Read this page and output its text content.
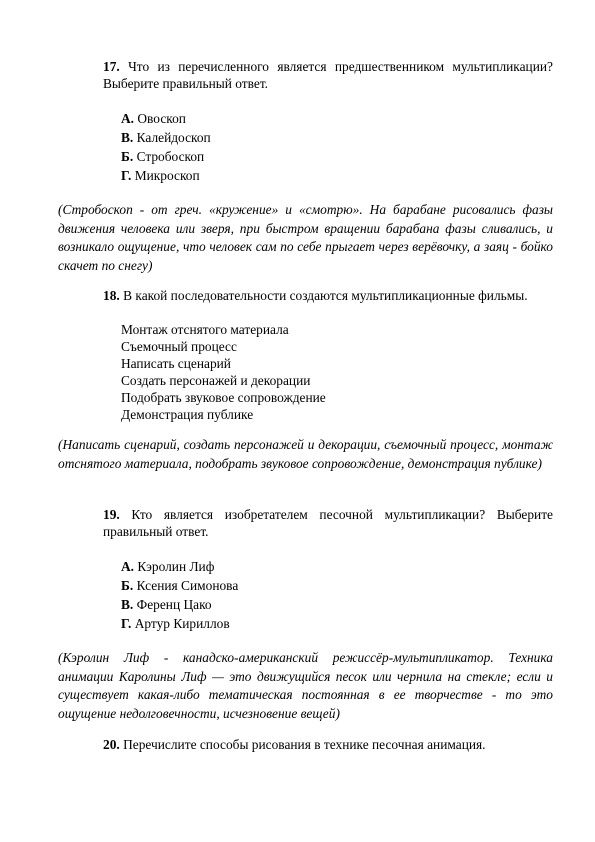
17. Что из перечисленного является предшественником мультипликации? Выберите правильный ответ.
А. Овоскоп
В. Калейдоскоп
Б. Стробоскоп
Г. Микроскоп
(Стробоскоп - от греч. «кружение» и «смотрю». На барабане рисовались фазы движения человека или зверя, при быстром вращении барабана фазы сливались, и возникало ощущение, что человек сам по себе прыгает через верёвочку, а заяц - бойко скачет по снегу)
18. В какой последовательности создаются мультипликационные фильмы.
Монтаж отснятого материала
Съемочный процесс
Написать сценарий
Создать персонажей и декорации
Подобрать звуковое сопровождение
Демонстрация публике
(Написать сценарий, создать персонажей и декорации, съемочный процесс, монтаж отснятого материала, подобрать звуковое сопровождение, демонстрация публике)
19. Кто является изобретателем песочной мультипликации? Выберите правильный ответ.
А. Кэролин Лиф
Б. Ксения Симонова
В. Ференц Цако
Г. Артур Кириллов
(Кэролин Лиф - канадско-американский режиссёр-мультипликатор. Техника анимации Каролины Лиф — это движущийся песок или чернила на стекле; если и существует какая-либо тематическая постоянная в ее творчестве - то это ощущение недолговечности, исчезновение вещей)
20. Перечислите способы рисования в технике песочная анимация.
